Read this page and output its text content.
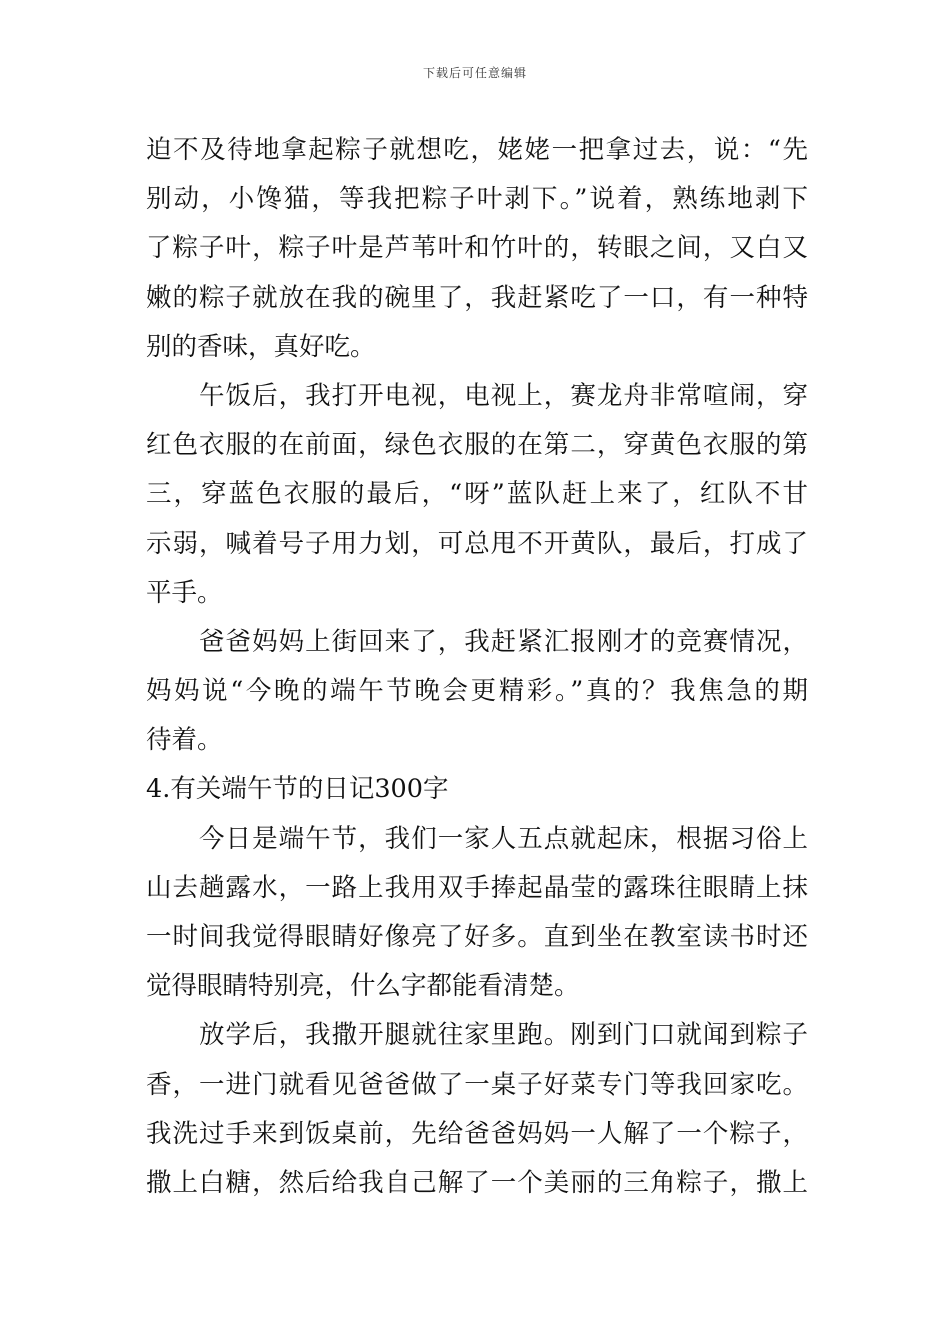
下载后可任意编辑
迫不及待地拿起粽子就想吃，姥姥一把拿过去，说：“先
别动，小馋猫，等我把粽子叶剥下。”说着，熟练地剥下
了粽子叶，粽子叶是芦苇叶和竹叶的，转眼之间，又白又
嫩的粽子就放在我的碗里了，我赶紧吃了一口，有一种特
别的香味，真好吃。
　　午饭后，我打开电视，电视上，赛龙舟非常喧闹，穿
红色衣服的在前面，绿色衣服的在第二，穿黄色衣服的第
三，穿蓝色衣服的最后，“呀”蓝队赶上来了，红队不甘
示弱，喊着号子用力划，可总甩不开黄队，最后，打成了
平手。
　　爸爸妈妈上街回来了，我赶紧汇报刚才的竞赛情况，
妈妈说“今晚的端午节晚会更精彩。”真的？我焦急的期
待着。
4.有关端午节的日记300字
　　今日是端午节，我们一家人五点就起床，根据习俗上
山去趟露水，一路上我用双手捧起晶莹的露珠往眼睛上抹
一时间我觉得眼睛好像亮了好多。直到坐在教室读书时还
觉得眼睛特别亮，什么字都能看清楚。
　　放学后，我撒开腿就往家里跑。刚到门口就闻到粽子
香，一进门就看见爸爸做了一桌子好菜专门等我回家吃。
我洗过手来到饭桌前，先给爸爸妈妈一人解了一个粽子，
撒上白糖，然后给我自己解了一个美丽的三角粽子，撒上
